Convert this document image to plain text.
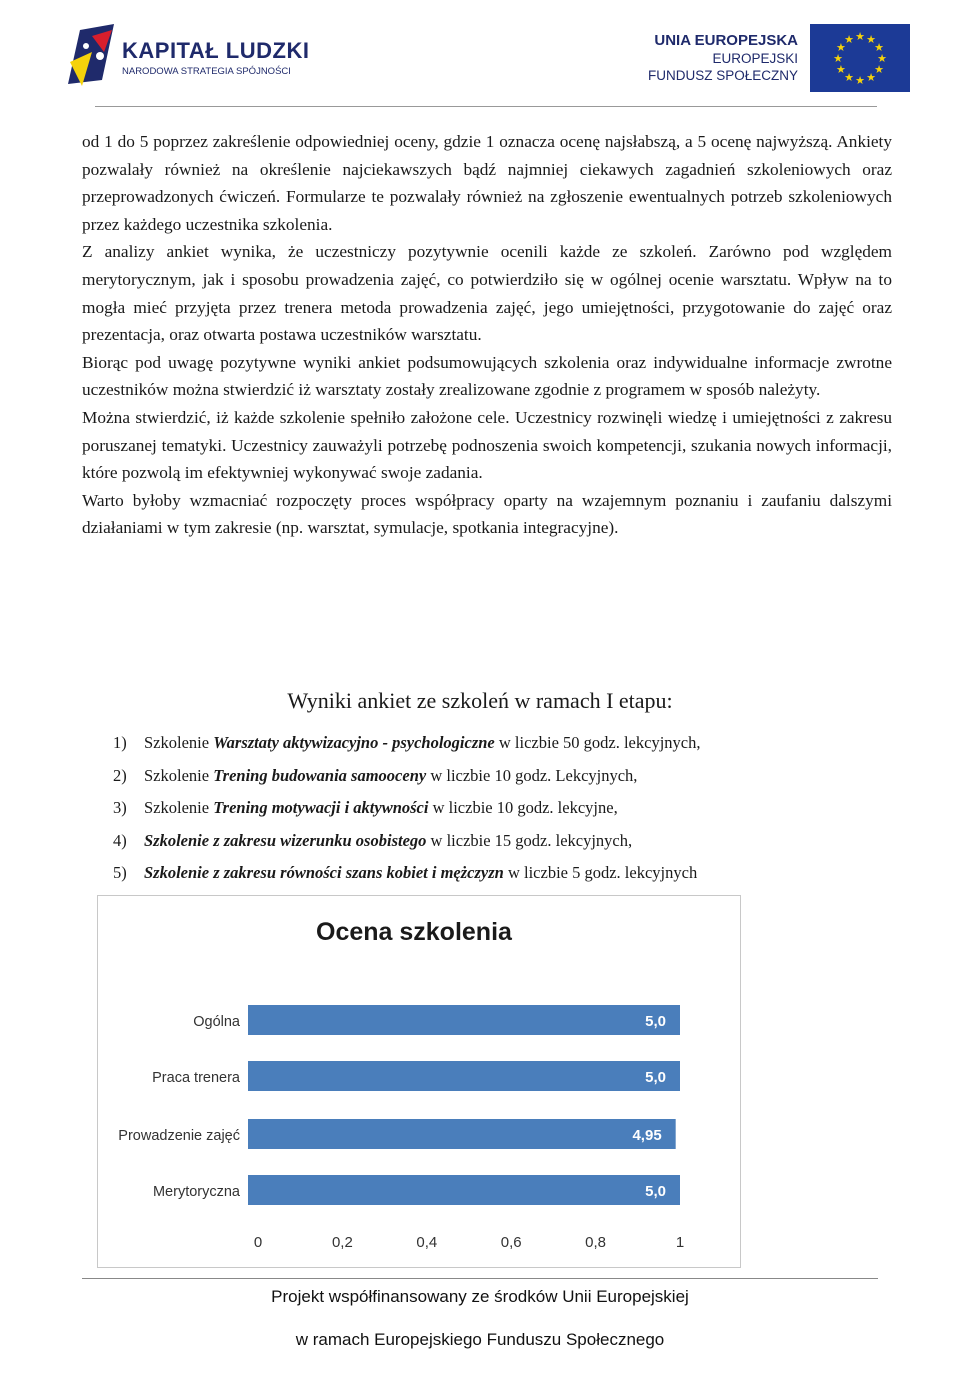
KAPITAŁ LUDZKI
NARODOWA STRATEGIA SPÓJNOŚCI
UNIA EUROPEJSKA
EUROPEJSKI
FUNDUSZ SPOŁECZNY
★ ★
★
★
★
★
★
★
★
★
★
★

od 1 do 5 poprzez zakreślenie odpowiedniej oceny, gdzie 1 oznacza ocenę najsłabszą, a 5 ocenę najwyższą. Ankiety pozwalały również na określenie najciekawszych bądź najmniej ciekawych zagadnień szkoleniowych oraz przeprowadzonych ćwiczeń. Formularze te pozwalały również na zgłoszenie ewentualnych potrzeb szkoleniowych przez każdego uczestnika szkolenia.

Z analizy ankiet wynika, że uczestniczy pozytywnie ocenili każde ze szkoleń. Zarówno pod względem merytorycznym, jak i sposobu prowadzenia zajęć, co potwierdziło się w ogólnej ocenie warsztatu. Wpływ na to mogła mieć przyjęta przez trenera metoda prowadzenia zajęć, jego umiejętności, przygotowanie do zajęć oraz prezentacja, oraz otwarta postawa uczestników warsztatu.

Biorąc pod uwagę pozytywne wyniki ankiet podsumowujących szkolenia oraz indywidualne informacje zwrotne uczestników można stwierdzić iż warsztaty zostały zrealizowane zgodnie z programem w sposób należyty.

Można stwierdzić, iż każde szkolenie spełniło założone cele. Uczestnicy rozwinęli wiedzę i umiejętności z zakresu poruszanej tematyki. Uczestnicy zauważyli potrzebę podnoszenia swoich kompetencji, szukania nowych informacji, które pozwolą im efektywniej wykonywać swoje zadania.

Warto byłoby wzmacniać rozpoczęty proces współpracy oparty na wzajemnym poznaniu i zaufaniu dalszymi działaniami w tym zakresie (np. warsztat, symulacje, spotkania integracyjne).

Wyniki ankiet ze szkoleń w ramach I etapu:
1) Szkolenie Warsztaty aktywizacyjno - psychologiczne w liczbie 50 godz. lekcyjnych,
2) Szkolenie Trening budowania samooceny w liczbie 10 godz. Lekcyjnych,
3) Szkolenie Trening motywacji i aktywności w liczbie 10 godz. lekcyjne,
4) Szkolenie z zakresu wizerunku osobistego w liczbie 15 godz. lekcyjnych,
5) Szkolenie z zakresu równości szans kobiet i mężczyzn w liczbie 5 godz. lekcyjnych
Ocena szkolenia
Ogólna	5,0
Praca trenera	5,0
Prowadzenie zajęć	4,95
Merytoryczna	5,0
0	0,2	0,4	0,6	0,8	1
Projekt współfinansowany ze środków Unii Europejskiej
w ramach Europejskiego Funduszu Społecznego
